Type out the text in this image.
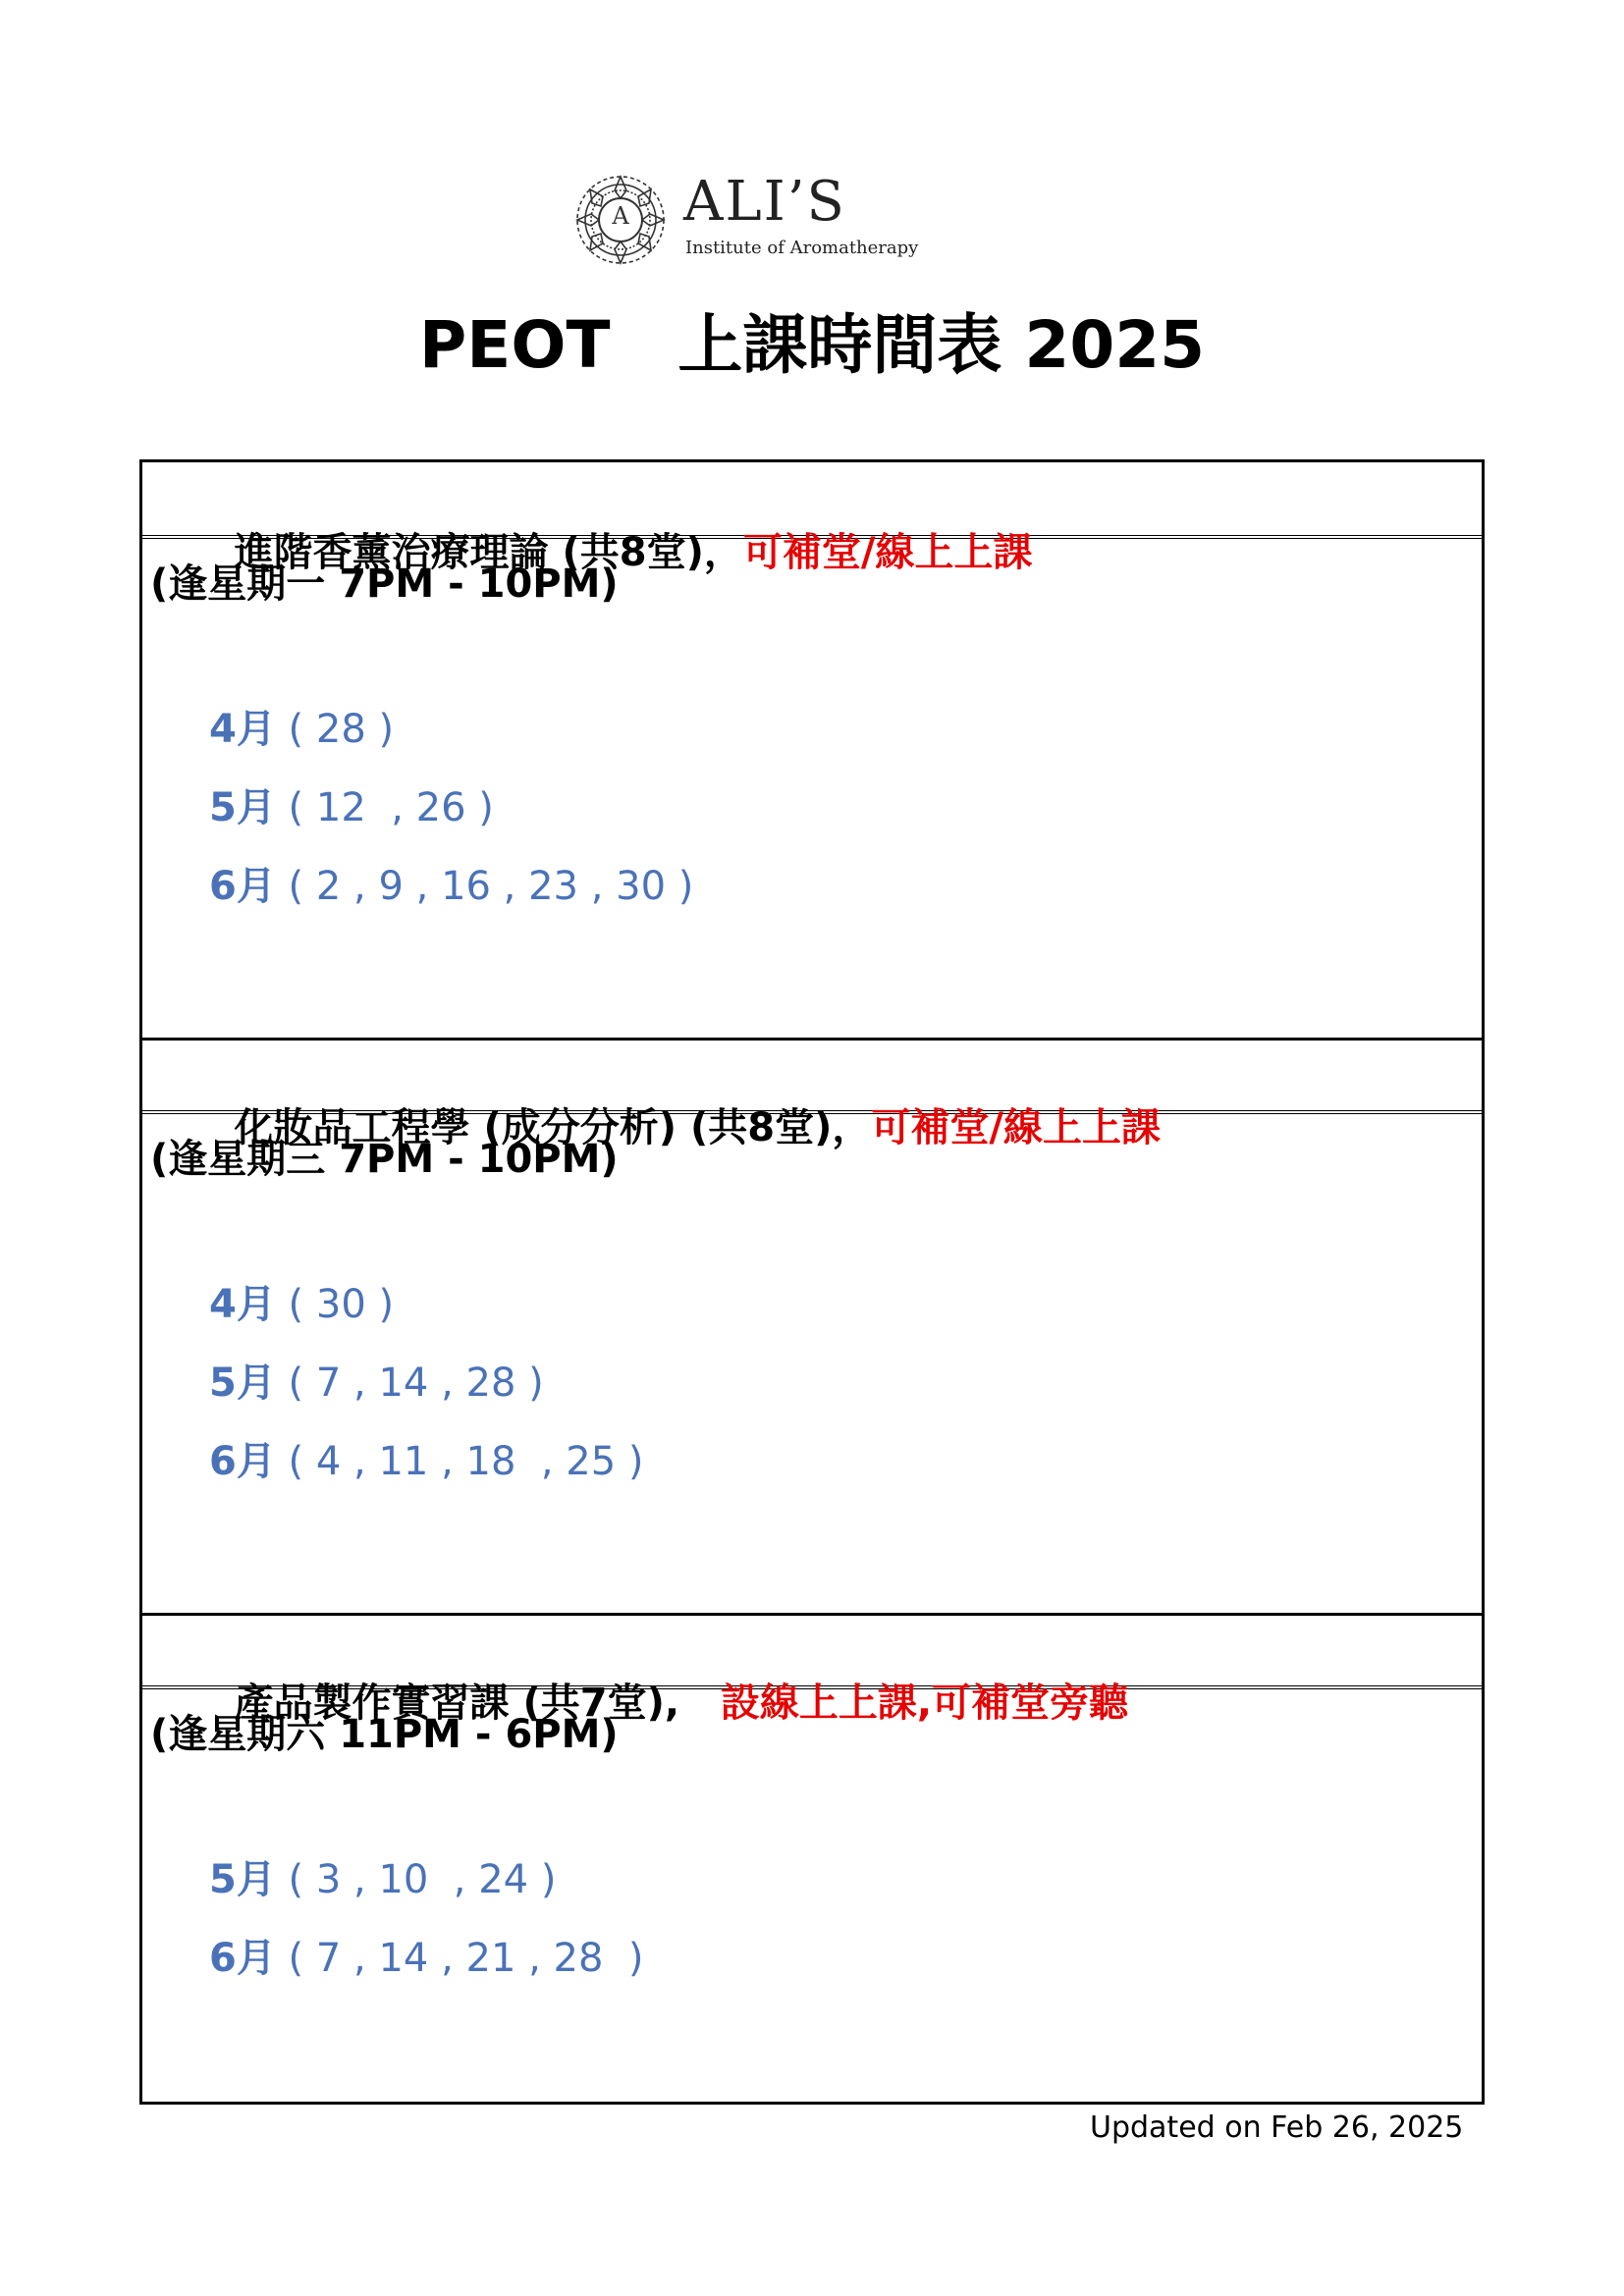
A ALI’S
Institute of Aromatherapy
PEOT   上課時間表 2025

進階香薰治療理論 (共8堂)，可補堂/線上上課

(逢星期一 7PM - 10PM)
4月 ( 28 )
5月 ( 12  , 26 )
6月 ( 2 , 9 , 16 , 23 , 30 )

化妝品工程學 (成分分析) (共8堂)，可補堂/線上上課

(逢星期三 7PM - 10PM)
4月 ( 30 )
5月 ( 7 , 14 , 28 )
6月 ( 4 , 11 , 18  , 25 )

產品製作實習課 (共7堂),   設線上上課,可補堂旁聽

(逢星期六 11PM - 6PM)
5月 ( 3 , 10  , 24 )
6月 ( 7 , 14 , 21 , 28  )
Updated on Feb 26, 2025
